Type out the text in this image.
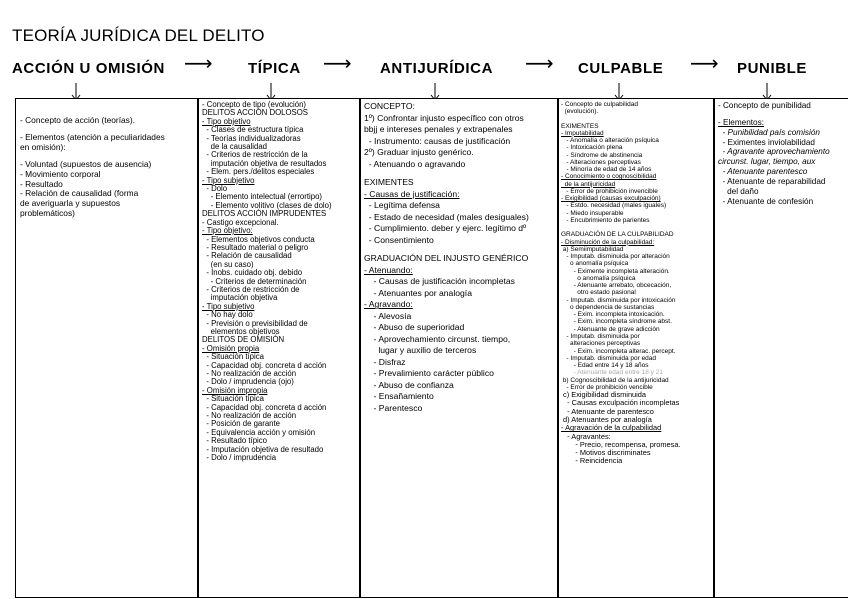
TEORÍA JURÍDICA DEL DELITO
ACCIÓN U OMISIÓN ⟶ TÍPICA ⟶ ANTIJURÍDICA ⟶ CULPABLE ⟶ PUNIBLE
- Concepto de acción (teorías).
- Elementos (atención a peculiaridades
en omisión):
- Voluntad (supuestos de ausencia)
- Movimiento corporal
- Resultado
- Relación de causalidad (forma
de averiguarla y supuestos
problemáticos)
- Concepto de tipo (evolución)
DELITOS ACCIÓN DOLOSOS
- Tipo objetivo
- Clases de estructura típica
- Teorías individualizadoras
de la causalidad
- Criterios de restricción de la
imputación objetiva de resultados
- Elem. pers./delitos especiales
- Tipo subjetivo
- Dolo
- Elemento intelectual (errortipo)
- Elemento volitivo (clases de dolo)
DELITOS ACCIÓN IMPRUDENTES
- Castigo excepcional.
- Tipo objetivo:
- Elementos objetivos conducta
- Resultado material o peligro
- Relación de causalidad
(en su caso)
- Inobs. cuidado obj. debido
- Criterios de determinación
- Criterios de restricción de
imputación objetiva
- Tipo subjetivo
- No hay dolo
- Previsión o previsibilidad de
elementos objetivos
DELITOS DE OMISIÓN
- Omisión propia
- Situación típica
- Capacidad obj. concreta d acción
- No realización de acción
- Dolo / imprudencia (ojo)
- Omisión impropia
- Situación típica
- Capacidad obj. concreta d acción
- No realización de acción
- Posición de garante
- Equivalencia acción y omisión
- Resultado típico
- Imputación objetiva de resultado
- Dolo / imprudencia
CONCEPTO:
1º) Confrontar injusto específico con otros
bbjj e intereses penales y extrapenales
- Instrumento: causas de justificación
2º) Graduar injusto genérico.
- Atenuando o agravando
EXIMENTES
- Causas de justificación:
- Legítima defensa
- Estado de necesidad (males desiguales)
- Cumplimiento. deber y ejerc. legítimo dº
- Consentimiento
GRADUACIÓN DEL INJUSTO GENÉRICO
- Atenuando:
- Causas de justificación incompletas
- Atenuantes por analogía
- Agravando:
- Alevosía
- Abuso de superioridad
- Aprovechamiento circunst. tiempo,
lugar y auxilio de terceros
- Disfraz
- Prevalimiento carácter público
- Abuso de confianza
- Ensañamiento
- Parentesco
- Concepto de culpabilidad
(evolución).
EXIMENTES
- Imputabilidad
- Anomalía o alteración psíquica
- Intoxicación plena
- Síndrome de abstinencia
- Alteraciones perceptivas
- Minoría de edad de 14 años
- Conocimiento o cognoscibilidad
de la antijuricidad
- Error de prohibición invencible
- Exigibilidad (causas exculpación)
- Estdo. necesidad (males iguales)
- Miedo insuperable
- Encubrimiento de parientes
GRADUACIÓN DE LA CULPABILIDAD
- Disminución de la culpabilidad:
a) Semiimputabilidad
- Imputab. disminuida por alteración
o anomalía psíquica
- Eximente incompleta alteración.
o anomalía psíquica
- Atenuante arrebato, obcecación,
otro estado pasional
- Imputab. disminuida por intoxicación
o dependencia de sustancias
- Exim. incompleta intoxicación.
- Exim. incompleta síndrome abst.
- Atenuante de grave adicción
- Imputab. disminuida por
alteraciones perceptivas
- Exim. incompleta alterac. percept.
- Imputab. disminuida por edad
- Edad entre 14 y 18 años
- Atenuante edad entre 18 y 21
b) Cognoscibilidad de la antijuricidad
- Error de prohibición vencible
c) Exigibilidad disminuida
- Causas exculpación incompletas
- Atenuante de parentesco
d) Atenuantes por analogía
- Agravación de la culpabilidad
- Agravantes:
- Precio, recompensa, promesa.
- Motivos discriminates
- Reincidencia
- Concepto de punibilidad
- Elementos:
- Punibilidad país comisión
- Eximentes inviolabilidad
- Agravante aprovechamiento
circunst. lugar, tiempo, aux
- Atenuante parentesco
- Atenuante de reparabilidad
del daño
- Atenuante de confesión
